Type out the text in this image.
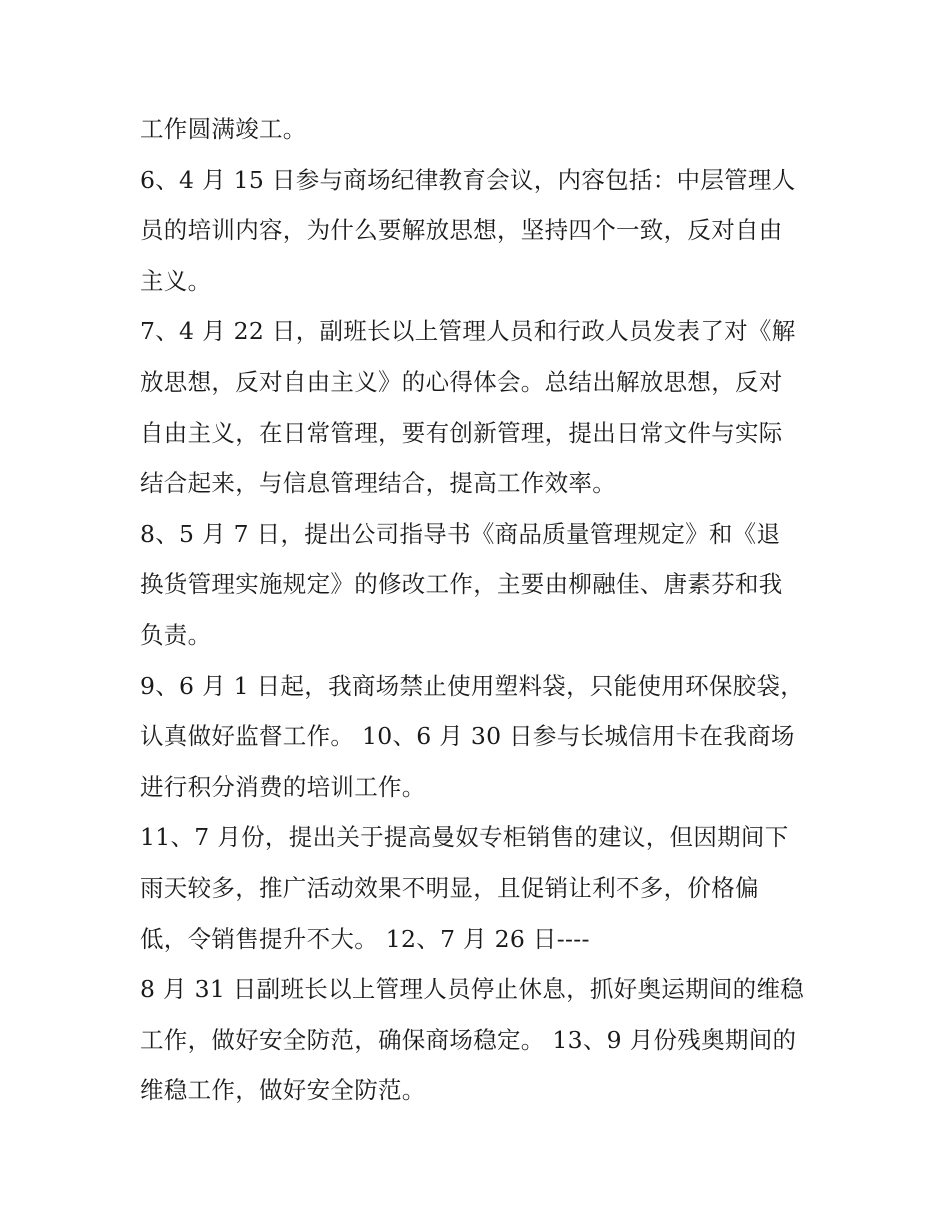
工作圆满竣工。
6、4 月 15 日参与商场纪律教育会议，内容包括：中层管理人
员的培训内容，为什么要解放思想，坚持四个一致，反对自由
主义。
7、4 月 22 日，副班长以上管理人员和行政人员发表了对《解
放思想，反对自由主义》的心得体会。总结出解放思想，反对
自由主义，在日常管理，要有创新管理，提出日常文件与实际
结合起来，与信息管理结合，提高工作效率。
8、5 月 7 日，提出公司指导书《商品质量管理规定》和《退
换货管理实施规定》的修改工作，主要由柳融佳、唐素芬和我
负责。
9、6 月 1 日起，我商场禁止使用塑料袋，只能使用环保胶袋，
认真做好监督工作。 10、6 月 30 日参与长城信用卡在我商场
进行积分消费的培训工作。
11、7 月份，提出关于提高曼奴专柜销售的建议，但因期间下
雨天较多，推广活动效果不明显，且促销让利不多，价格偏
低，令销售提升不大。 12、7 月 26 日----
8 月 31 日副班长以上管理人员停止休息，抓好奥运期间的维稳
工作，做好安全防范，确保商场稳定。 13、9 月份残奥期间的
维稳工作，做好安全防范。
